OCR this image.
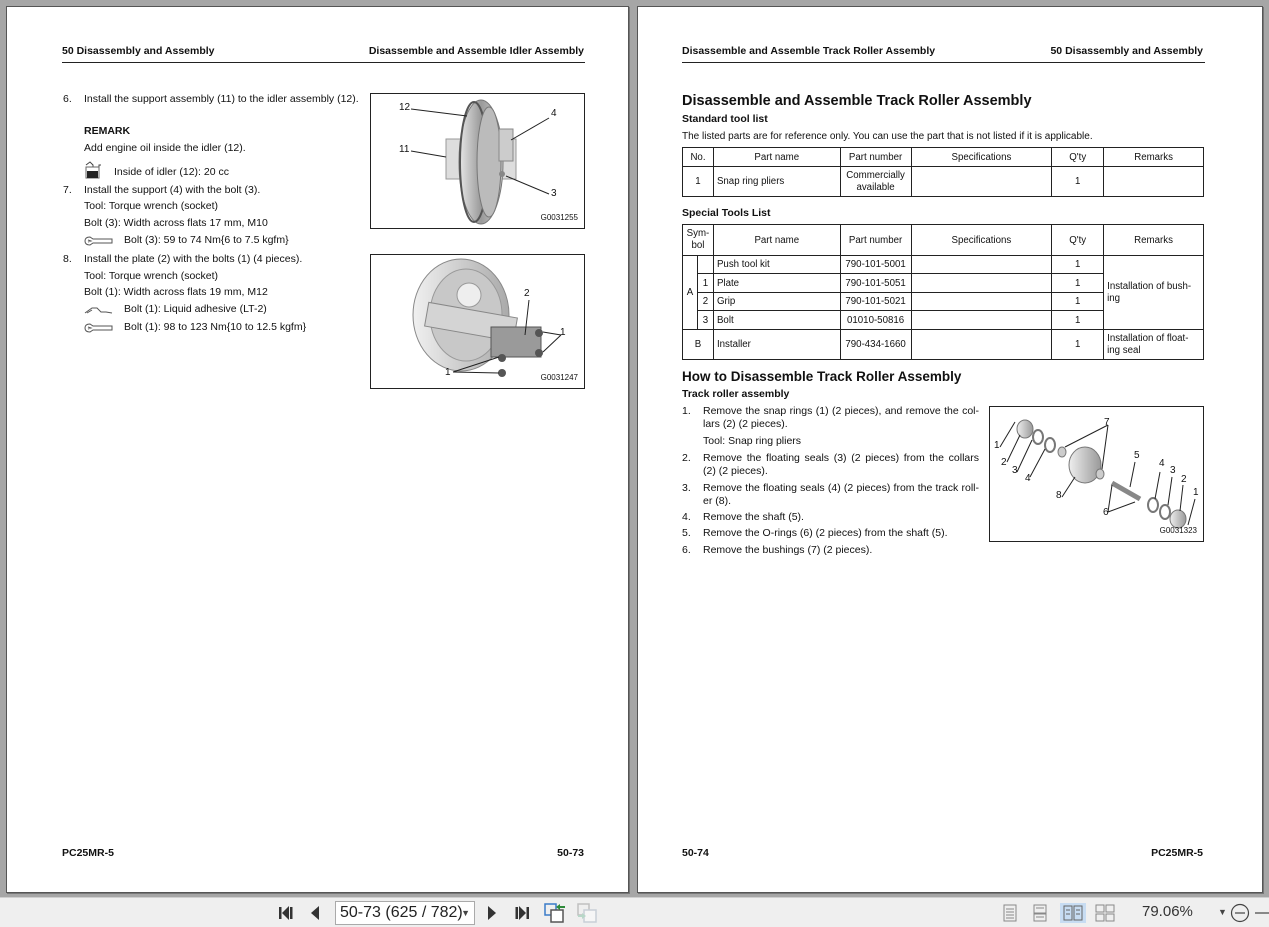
50 Disassembly and Assembly	Disassemble and Assemble Idler Assembly
6. Install the support assembly (11) to the idler assembly (12).
REMARK
Add engine oil inside the idler (12).
Inside of idler (12): 20 cc
7. Install the support (4) with the bolt (3).
Tool: Torque wrench (socket)
Bolt (3): Width across flats 17 mm, M10
Bolt (3): 59 to 74 Nm{6 to 7.5 kgfm}
8. Install the plate (2) with the bolts (1) (4 pieces).
Tool: Torque wrench (socket)
Bolt (1): Width across flats 19 mm, M12
Bolt (1): Liquid adhesive (LT-2)
Bolt (1): 98 to 123 Nm{10 to 12.5 kgfm}
12
11
4
3
G0031255
2
1
1	G0031247
PC25MR-5	50-73
Disassemble and Assemble Track Roller Assembly	50 Disassembly and Assembly
Disassemble and Assemble Track Roller Assembly
Standard tool list
The listed parts are for reference only. You can use the part that is not listed if it is applicable.
No.	Part name	Part number	Specifications	Q'ty	Remarks
1	Snap ring pliers	Commercially available		1	
Special Tools List
Sym-bol		Part name	Part number	Specifications	Q'ty	Remarks
A		Push tool kit	790-101-5001		1	Installation of bush-ing
	1	Plate	790-101-5051		1	
	2	Grip	790-101-5021		1	
	3	Bolt	01010-50816		1	
B		Installer	790-434-1660		1	Installation of float-ing seal
How to Disassemble Track Roller Assembly
Track roller assembly
1. Remove the snap rings (1) (2 pieces), and remove the col-lars (2) (2 pieces).
Tool: Snap ring pliers
2. Remove the floating seals (3) (2 pieces) from the collars (2) (2 pieces).
3. Remove the floating seals (4) (2 pieces) from the track roll-er (8).
4. Remove the shaft (5).
5. Remove the O-rings (6) (2 pieces) from the shaft (5).
6. Remove the bushings (7) (2 pieces).
1
2
3
4
7
8
5
6
4
3
2
1
G0031323
50-74	PC25MR-5
50-73 (625 / 782)
▼	79.06%	▼
